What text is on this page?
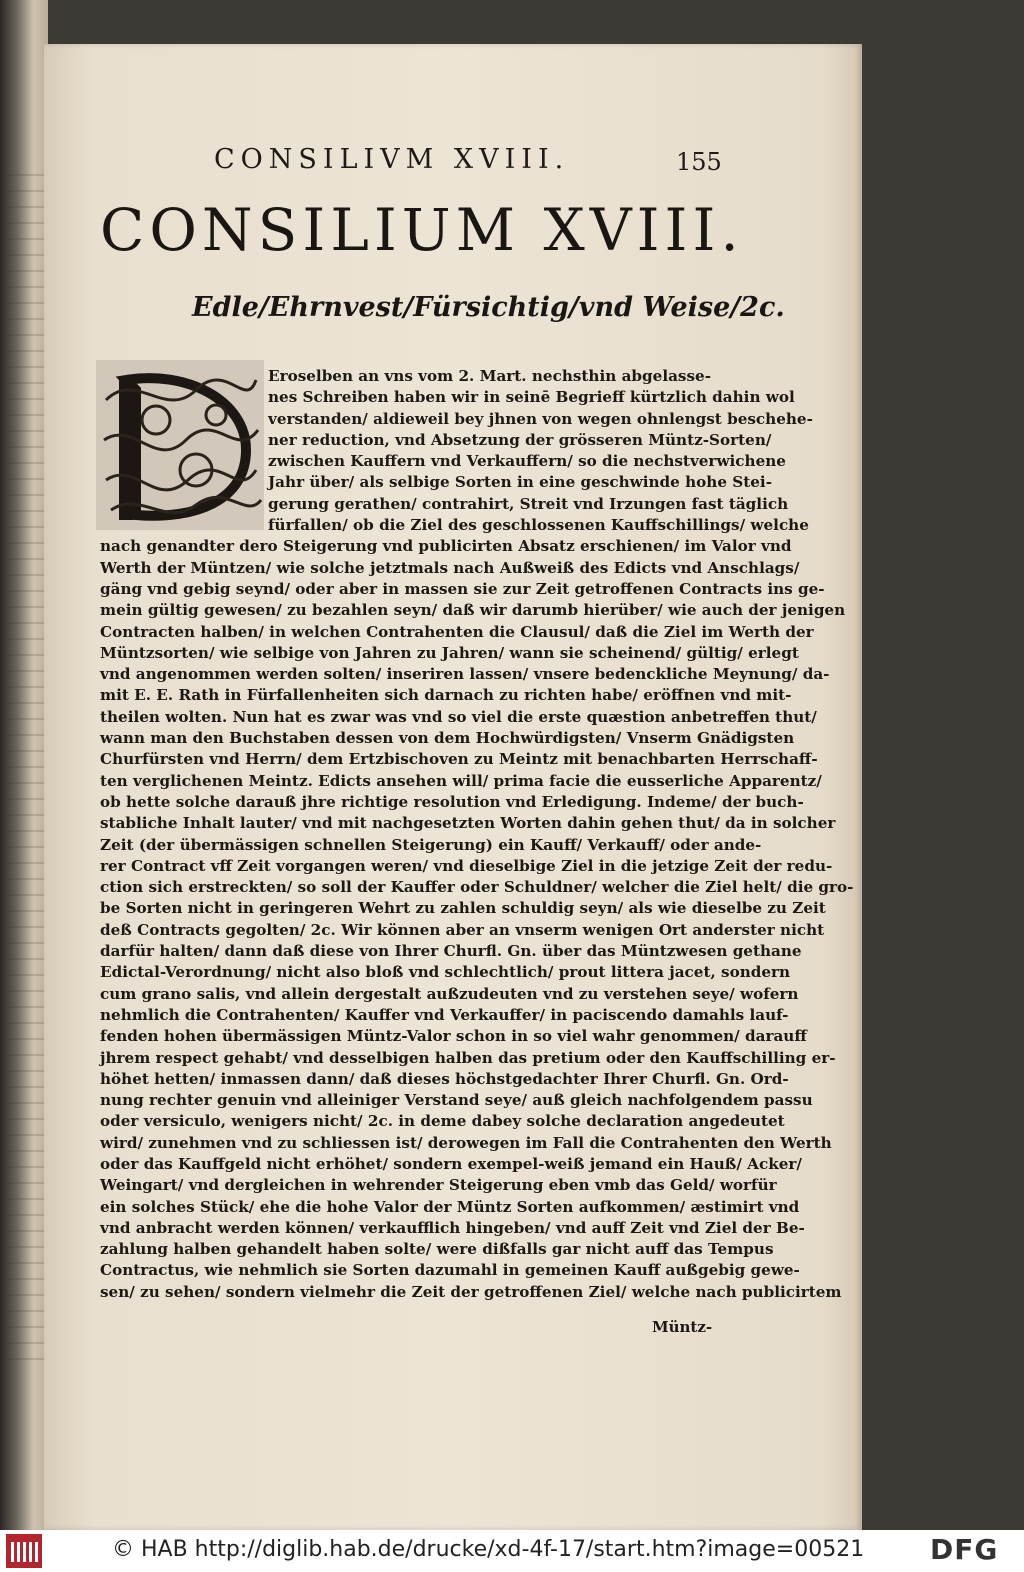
CONSILIVM XVIII.	155
CONSILIUM XVIII.
Edle/Ehrnvest/Fürsichtig/vnd Weise/2c.
Eroselben an vns vom 2. Mart. nechsthin abgelasse-
nes Schreiben haben wir in seinē Begrieff kürtzlich dahin wol
verstanden/ aldieweil bey jhnen von wegen ohnlengst beschehe-
ner reduction, vnd Absetzung der grösseren Müntz-Sorten/
zwischen Kauffern vnd Verkauffern/ so die nechstverwichene
Jahr über/ als selbige Sorten in eine geschwinde hohe Stei-
gerung gerathen/ contrahirt, Streit vnd Irzungen fast täglich
fürfallen/ ob die Ziel des geschlossenen Kauffschillings/ welche
nach genandter dero Steigerung vnd publicirten Absatz erschienen/ im Valor vnd
Werth der Müntzen/ wie solche jetztmals nach Außweiß des Edicts vnd Anschlags/
gäng vnd gebig seynd/ oder aber in massen sie zur Zeit getroffenen Contracts ins ge-
mein gültig gewesen/ zu bezahlen seyn/ daß wir darumb hierüber/ wie auch der jenigen
Contracten halben/ in welchen Contrahenten die Clausul/ daß die Ziel im Werth der
Müntzsorten/ wie selbige von Jahren zu Jahren/ wann sie scheinend/ gültig/ erlegt
vnd angenommen werden solten/ inseriren lassen/ vnsere bedenckliche Meynung/ da-
mit E. E. Rath in Fürfallenheiten sich darnach zu richten habe/ eröffnen vnd mit-
theilen wolten. Nun hat es zwar was vnd so viel die erste quæstion anbetreffen thut/
wann man den Buchstaben dessen von dem Hochwürdigsten/ Vnserm Gnädigsten
Churfürsten vnd Herrn/ dem Ertzbischoven zu Meintz mit benachbarten Herrschaff-
ten verglichenen Meintz. Edicts ansehen will/ prima facie die eusserliche Apparentz/
ob hette solche darauß jhre richtige resolution vnd Erledigung. Indeme/ der buch-
stabliche Inhalt lauter/ vnd mit nachgesetzten Worten dahin gehen thut/ da in solcher
Zeit (der übermässigen schnellen Steigerung) ein Kauff/ Verkauff/ oder ande-
rer Contract vff Zeit vorgangen weren/ vnd dieselbige Ziel in die jetzige Zeit der redu-
ction sich erstreckten/ so soll der Kauffer oder Schuldner/ welcher die Ziel helt/ die gro-
be Sorten nicht in geringeren Wehrt zu zahlen schuldig seyn/ als wie dieselbe zu Zeit
deß Contracts gegolten/ 2c. Wir können aber an vnserm wenigen Ort anderster nicht
darfür halten/ dann daß diese von Ihrer Churfl. Gn. über das Müntzwesen gethane
Edictal-Verordnung/ nicht also bloß vnd schlechtlich/ prout littera jacet, sondern
cum grano salis, vnd allein dergestalt außzudeuten vnd zu verstehen seye/ wofern
nehmlich die Contrahenten/ Kauffer vnd Verkauffer/ in paciscendo damahls lauf-
fenden hohen übermässigen Müntz-Valor schon in so viel wahr genommen/ darauff
jhrem respect gehabt/ vnd desselbigen halben das pretium oder den Kauffschilling er-
höhet hetten/ inmassen dann/ daß dieses höchstgedachter Ihrer Churfl. Gn. Ord-
nung rechter genuin vnd alleiniger Verstand seye/ auß gleich nachfolgendem passu
oder versiculo, wenigers nicht/ 2c. in deme dabey solche declaration angedeutet
wird/ zunehmen vnd zu schliessen ist/ derowegen im Fall die Contrahenten den Werth
oder das Kauffgeld nicht erhöhet/ sondern exempel-weiß jemand ein Hauß/ Acker/
Weingart/ vnd dergleichen in wehrender Steigerung eben vmb das Geld/ worfür
ein solches Stück/ ehe die hohe Valor der Müntz Sorten aufkommen/ æstimirt vnd
vnd anbracht werden können/ verkaufflich hingeben/ vnd auff Zeit vnd Ziel der Be-
zahlung halben gehandelt haben solte/ were dißfalls gar nicht auff das Tempus
Contractus, wie nehmlich sie Sorten dazumahl in gemeinen Kauff außgebig gewe-
sen/ zu sehen/ sondern vielmehr die Zeit der getroffenen Ziel/ welche nach publicirtem
Müntz-
© HAB http://diglib.hab.de/drucke/xd-4f-17/start.htm?image=00521 DFG
